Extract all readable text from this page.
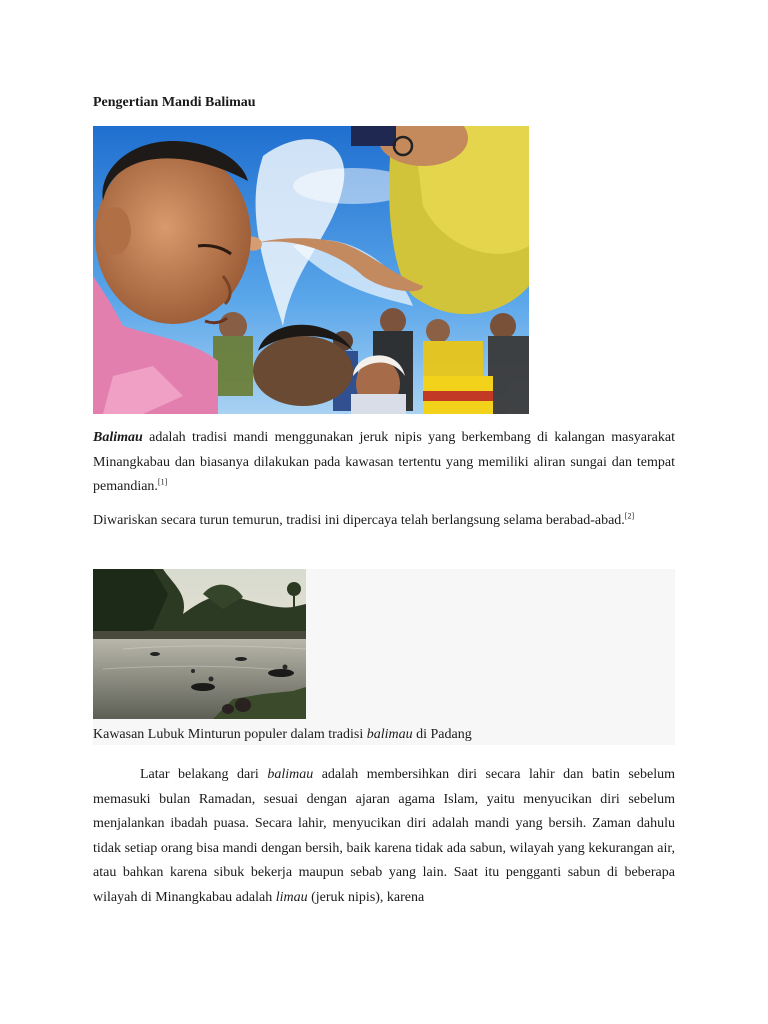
Pengertian Mandi Balimau

Balimau adalah tradisi mandi menggunakan jeruk nipis yang berkembang di kalangan masyarakat Minangkabau dan biasanya dilakukan pada kawasan tertentu yang memiliki aliran sungai dan tempat pemandian.[1]

Diwariskan secara turun temurun, tradisi ini dipercaya telah berlangsung selama berabad-abad.[2]

Kawasan Lubuk Minturun populer dalam tradisi balimau di Padang

Latar belakang dari balimau adalah membersihkan diri secara lahir dan batin sebelum memasuki bulan Ramadan, sesuai dengan ajaran agama Islam, yaitu menyucikan diri sebelum menjalankan ibadah puasa. Secara lahir, menyucikan diri adalah mandi yang bersih. Zaman dahulu tidak setiap orang bisa mandi dengan bersih, baik karena tidak ada sabun, wilayah yang kekurangan air, atau bahkan karena sibuk bekerja maupun sebab yang lain. Saat itu pengganti sabun di beberapa wilayah di Minangkabau adalah limau (jeruk nipis), karena
